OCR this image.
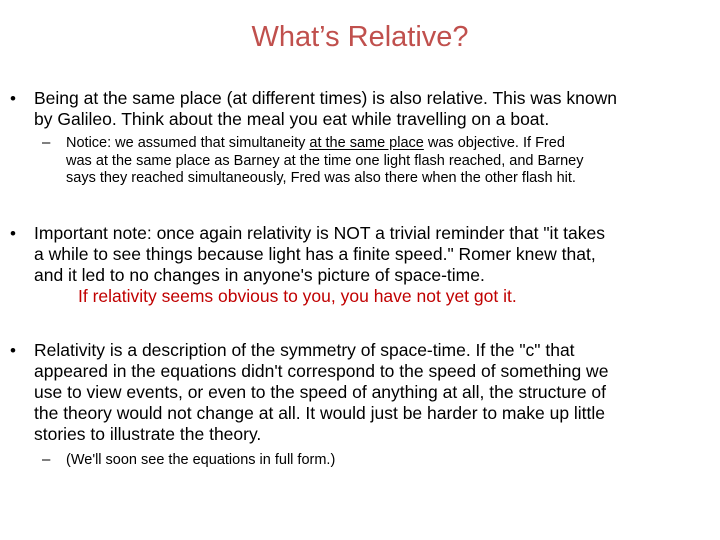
What’s Relative?
• Being at the same place (at different times) is also relative. This was known
by Galileo. Think about the meal you eat while travelling on a boat.
– Notice: we assumed that simultaneity at the same place was objective. If Fred
was at the same place as Barney at the time one light flash reached, and Barney
says they reached simultaneously, Fred was also there when the other flash hit.
• Important note: once again relativity is NOT a trivial reminder that "it takes
a while to see things because light has a finite speed." Romer knew that,
and it led to no changes in anyone's picture of space-time.
If relativity seems obvious to you, you have not yet got it.
• Relativity is a description of the symmetry of space-time. If the "c" that
appeared in the equations didn't correspond to the speed of something we
use to view events, or even to the speed of anything at all, the structure of
the theory would not change at all. It would just be harder to make up little
stories to illustrate the theory.
– (We'll soon see the equations in full form.)
